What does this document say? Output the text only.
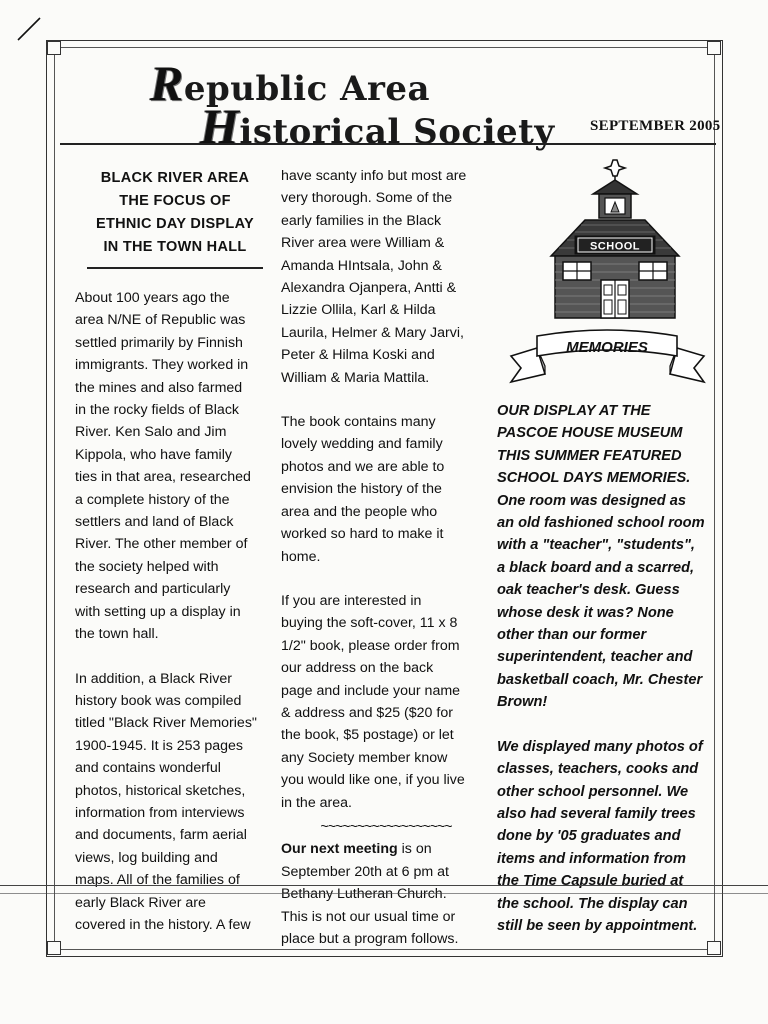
Republic Area
Historical Society SEPTEMBER 2005
BLACK RIVER AREA
THE FOCUS OF
ETHNIC DAY DISPLAY
IN THE TOWN HALL

About 100 years ago the
area N/NE of Republic was
settled primarily by Finnish
immigrants. They worked in
the mines and also farmed
in the rocky fields of Black
River. Ken Salo and Jim
Kippola, who have family
ties in that area, researched
a complete history of the
settlers and land of Black
River. The other member of
the society helped with
research and particularly
with setting up a display in
the town hall.

In addition, a Black River
history book was compiled
titled "Black River Memories"
1900-1945. It is 253 pages
and contains wonderful
photos, historical sketches,
information from interviews
and documents, farm aerial
views, log building and
maps. All of the families of
early Black River are
covered in the history. A few

have scanty info but most are
very thorough. Some of the
early families in the Black
River area were William &
Amanda HIntsala, John &
Alexandra Ojanpera, Antti &
Lizzie Ollila, Karl & Hilda
Laurila, Helmer & Mary Jarvi,
Peter & Hilma Koski and
William & Maria Mattila.

The book contains many
lovely wedding and family
photos and we are able to
envision the history of the
area and the people who
worked so hard to make it
home.

If you are interested in
buying the soft-cover, 11 x 8
1/2" book, please order from
our address on the back
page and include your name
& address and $25 ($20 for
the book, $5 postage) or let
any Society member know
you would like one, if you live
in the area.

~~~~~~~~~~~~~~~~~~

Our next meeting is on
September 20th at 6 pm at
Bethany Lutheran Church.
This is not our usual time or
place but a program follows.

SCHOOL
MEMORIES

OUR DISPLAY AT THE
PASCOE HOUSE MUSEUM
THIS SUMMER FEATURED
SCHOOL DAYS MEMORIES.
One room was designed as
an old fashioned school room
with a "teacher", "students",
a black board and a scarred,
oak teacher's desk. Guess
whose desk it was? None
other than our former
superintendent, teacher and
basketball coach, Mr. Chester
Brown!

We displayed many photos of
classes, teachers, cooks and
other school personnel. We
also had several family trees
done by '05 graduates and
items and information from
the Time Capsule buried at
the school. The display can
still be seen by appointment.
